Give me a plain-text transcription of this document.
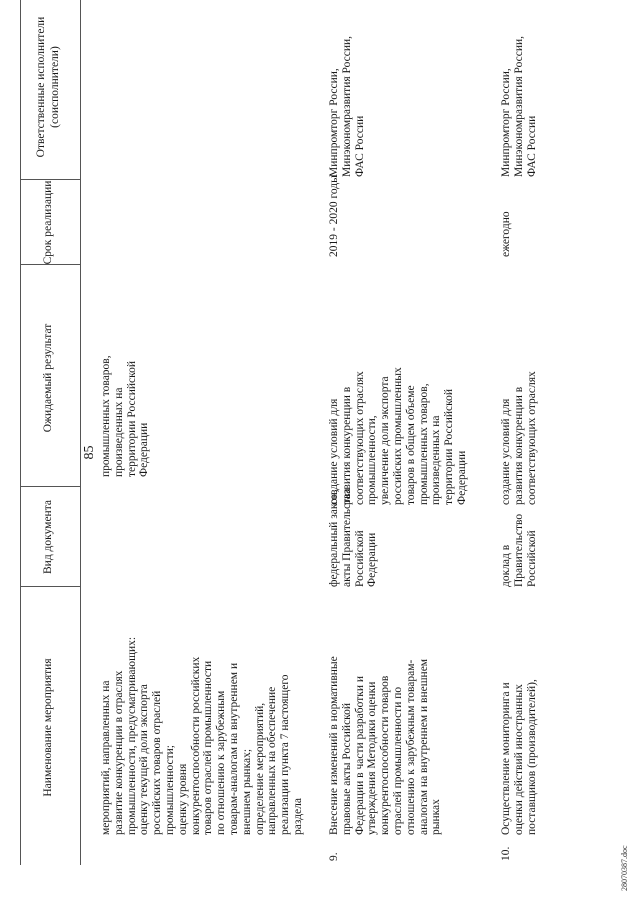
85
Наименование мероприятия
Вид документа
Ожидаемый результат
Срок реализации
Ответственные исполнители (соисполнители)
мероприятий, направленных на
развитие конкуренции в отраслях
промышленности, предусматривающих:
оценку текущей доли экспорта
российских товаров отраслей
промышленности;
оценку уровня
конкурентоспособности российских
товаров отраслей промышленности
по отношению к зарубежным
товарам-аналогам на внутреннем и
внешнем рынках;
определение мероприятий,
направленных на обеспечение
реализации пункта 7 настоящего
раздела
промышленных товаров,
произведенных на
территории Российской
Федерации
9.
Внесение изменений в нормативные
правовые акты Российской
Федерации в части разработки и
утверждения Методики оценки
конкурентоспособности товаров
отраслей промышленности по
отношению к зарубежным товарам-
аналогам на внутреннем и внешнем
рынках
федеральный закон,
акты Правительства
Российской
Федерации
создание условий для
развития конкуренции в
соответствующих отраслях
промышленности,
увеличение доли экспорта
российских промышленных
товаров в общем объеме
промышленных товаров,
произведенных на
территории Российской
Федерации
2019 - 2020 годы
Минпромторг России,
Минэкономразвития России,
ФАС России
10.
Осуществление мониторинга и
оценки действий иностранных
поставщиков (производителей),
доклад в
Правительство
Российской
создание условий для
развития конкуренции в
соответствующих отраслях
ежегодно
Минпромторг России,
Минэкономразвития России,
ФАС России
28070387.doc
